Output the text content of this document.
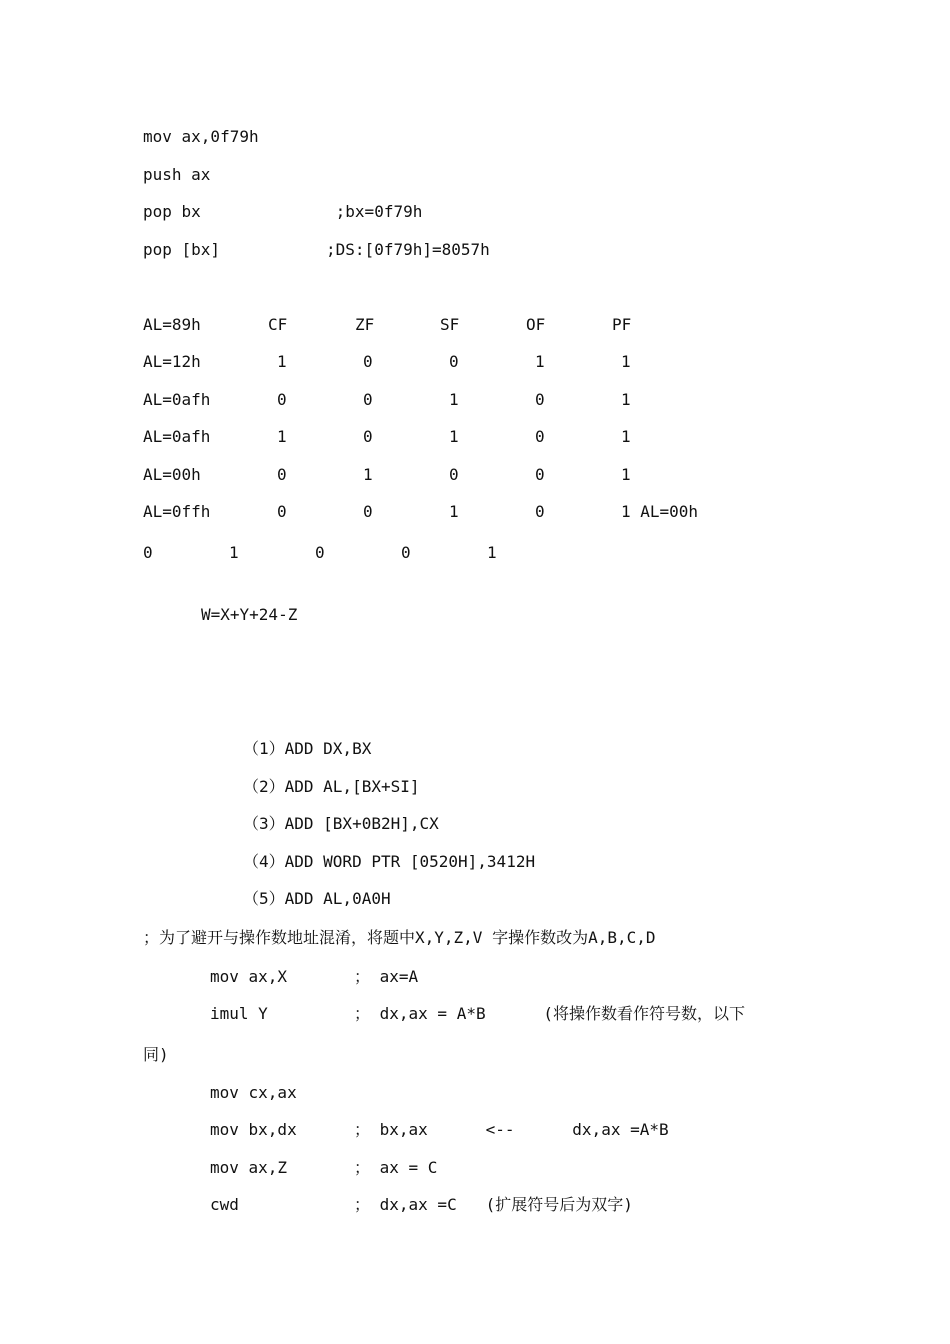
mov ax,0f79h
push ax
pop bx              ;bx=0f79h
pop [bx]           ;DS:[0f79h]=8057h
AL=89h	CF	ZF	SF	OF	PF
AL=12h	1	0	0	1	1
AL=0afh	0	0	1	0	1
AL=0afh	1	0	1	0	1
AL=00h	0	1	0	0	1
AL=0ffh	0	0	1	0	1 AL=00h
0	1	0	0	1
W=X+Y+24-Z
（1）ADD DX,BX
（2）ADD AL,[BX+SI]
（3）ADD [BX+0B2H],CX
（4）ADD WORD PTR [0520H],3412H
（5）ADD AL,0A0H
；为了避开与操作数地址混淆，将题中X,Y,Z,V 字操作数改为A,B,C,D
mov ax,X	； ax=A
imul Y	； dx,ax = A*B      (将操作数看作符号数，以下
同)
mov cx,ax
mov bx,dx	； bx,ax      <--      dx,ax =A*B
mov ax,Z	； ax = C
cwd	； dx,ax =C   (扩展符号后为双字)
